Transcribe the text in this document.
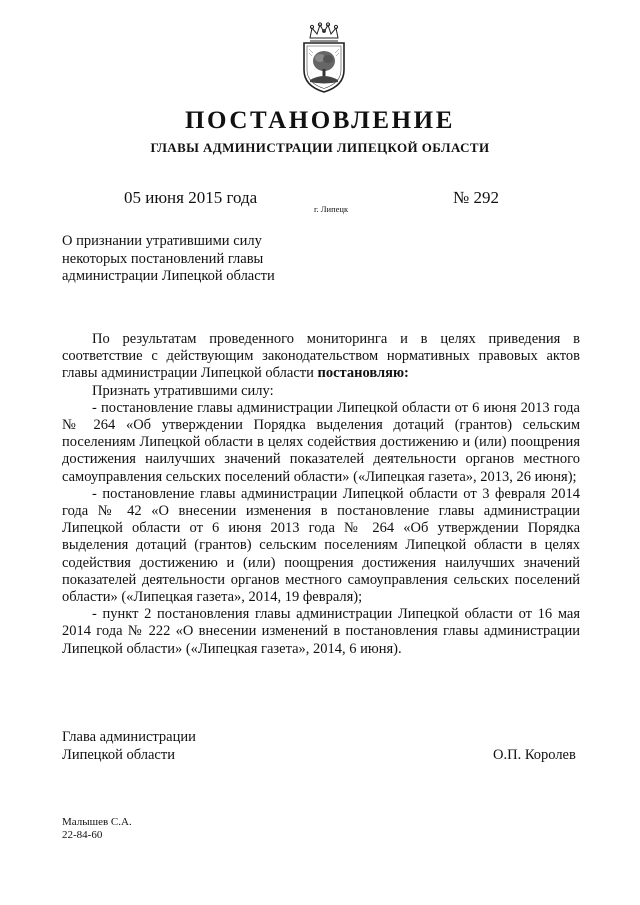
ПОСТАНОВЛЕНИЕ
ГЛАВЫ АДМИНИСТРАЦИИ ЛИПЕЦКОЙ ОБЛАСТИ
05 июня 2015 года
г. Липецк
№ 292
О признании утратившими силу
некоторых постановлений главы
администрации Липецкой области

По результатам проведенного мониторинга и в целях приведения в соответствие с действующим законодательством нормативных правовых актов главы администрации Липецкой области постановляю:

Признать утратившими силу:

- постановление главы администрации Липецкой области от 6 июня 2013 года № 264 «Об утверждении Порядка выделения дотаций (грантов) сельским поселениям Липецкой области в целях содействия достижению и (или) поощрения достижения наилучших значений показателей деятельности органов местного самоуправления сельских поселений области» («Липецкая газета», 2013, 26 июня);

- постановление главы администрации Липецкой области от 3 февраля 2014 года № 42 «О внесении изменения в постановление главы администрации Липецкой области от 6 июня 2013 года № 264 «Об утверждении Порядка выделения дотаций (грантов) сельским поселениям Липецкой области в целях содействия достижению и (или) поощрения достижения наилучших значений показателей деятельности органов местного самоуправления сельских поселений области» («Липецкая газета», 2014, 19 февраля);

- пункт 2 постановления главы администрации Липецкой области от 16 мая 2014 года № 222 «О внесении изменений в постановления главы администрации Липецкой области» («Липецкая газета», 2014, 6 июня).

Глава администрации
Липецкой области	О.П. Королев
Малышев С.А.
22-84-60
